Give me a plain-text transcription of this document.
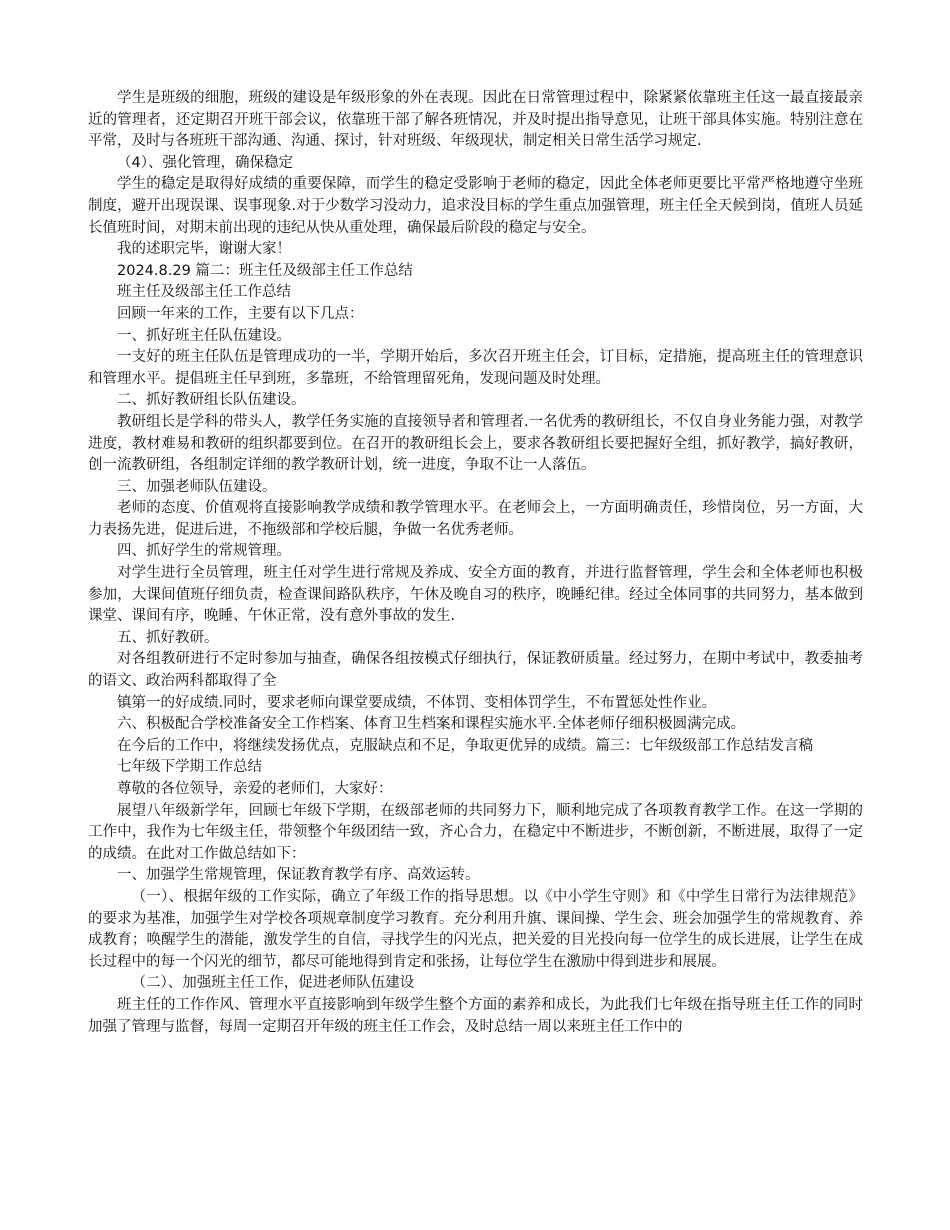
学生是班级的细胞，班级的建设是年级形象的外在表现。因此在日常管理过程中，除紧紧依靠班主任这一最直接最亲近的管理者，还定期召开班干部会议，依靠班干部了解各班情况，并及时提出指导意见，让班干部具体实施。特别注意在平常，及时与各班班干部沟通、沟通、探讨，针对班级、年级现状，制定相关日常生活学习规定.

（4）、强化管理，确保稳定

学生的稳定是取得好成绩的重要保障，而学生的稳定受影响于老师的稳定，因此全体老师更要比平常严格地遵守坐班制度，避开出现误课、误事现象.对于少数学习没动力，追求没目标的学生重点加强管理，班主任全天候到岗，值班人员延长值班时间，对期末前出现的违纪从快从重处理，确保最后阶段的稳定与安全。

我的述职完毕，谢谢大家！

2024.8.29 篇二：班主任及级部主任工作总结

班主任及级部主任工作总结

回顾一年来的工作，主要有以下几点：

一、抓好班主任队伍建设。

一支好的班主任队伍是管理成功的一半，学期开始后，多次召开班主任会，订目标，定措施，提高班主任的管理意识和管理水平。提倡班主任早到班，多靠班，不给管理留死角，发现问题及时处理。

二、抓好教研组长队伍建设。

教研组长是学科的带头人，教学任务实施的直接领导者和管理者.一名优秀的教研组长，不仅自身业务能力强，对教学进度，教材难易和教研的组织都要到位。在召开的教研组长会上，要求各教研组长要把握好全组，抓好教学，搞好教研，创一流教研组，各组制定详细的教学教研计划，统一进度，争取不让一人落伍。

三、加强老师队伍建设。

老师的态度、价值观将直接影响教学成绩和教学管理水平。在老师会上，一方面明确责任，珍惜岗位，另一方面，大力表扬先进，促进后进，不拖级部和学校后腿，争做一名优秀老师。

四、抓好学生的常规管理。

对学生进行全员管理，班主任对学生进行常规及养成、安全方面的教育，并进行监督管理，学生会和全体老师也积极参加，大课间值班仔细负责，检查课间路队秩序，午休及晚自习的秩序，晚睡纪律。经过全体同事的共同努力，基本做到课堂、课间有序，晚睡、午休正常，没有意外事故的发生.

五、抓好教研。

对各组教研进行不定时参加与抽查，确保各组按模式仔细执行，保证教研质量。经过努力，在期中考试中，教委抽考的语文、政治两科都取得了全

镇第一的好成绩.同时，要求老师向课堂要成绩，不体罚、变相体罚学生，不布置惩处性作业。

六、积极配合学校准备安全工作档案、体育卫生档案和课程实施水平.全体老师仔细积极圆满完成。

在今后的工作中，将继续发扬优点，克服缺点和不足，争取更优异的成绩。篇三：七年级级部工作总结发言稿

七年级下学期工作总结

尊敬的各位领导，亲爱的老师们，大家好：

展望八年级新学年，回顾七年级下学期，在级部老师的共同努力下，顺利地完成了各项教育教学工作。在这一学期的工作中，我作为七年级主任，带领整个年级团结一致，齐心合力，在稳定中不断进步，不断创新，不断进展，取得了一定的成绩。在此对工作做总结如下：

一、加强学生常规管理，保证教育教学有序、高效运转。

（一）、根据年级的工作实际，确立了年级工作的指导思想。以《中小学生守则》和《中学生日常行为法律规范》的要求为基准，加强学生对学校各项规章制度学习教育。充分利用升旗、课间操、学生会、班会加强学生的常规教育、养成教育；唤醒学生的潜能，激发学生的自信，寻找学生的闪光点，把关爱的目光投向每一位学生的成长进展，让学生在成长过程中的每一个闪光的细节，都尽可能地得到肯定和张扬，让每位学生在激励中得到进步和展展。

（二）、加强班主任工作，促进老师队伍建设

班主任的工作作风、管理水平直接影响到年级学生整个方面的素养和成长，为此我们七年级在指导班主任工作的同时加强了管理与监督，每周一定期召开年级的班主任工作会，及时总结一周以来班主任工作中的
